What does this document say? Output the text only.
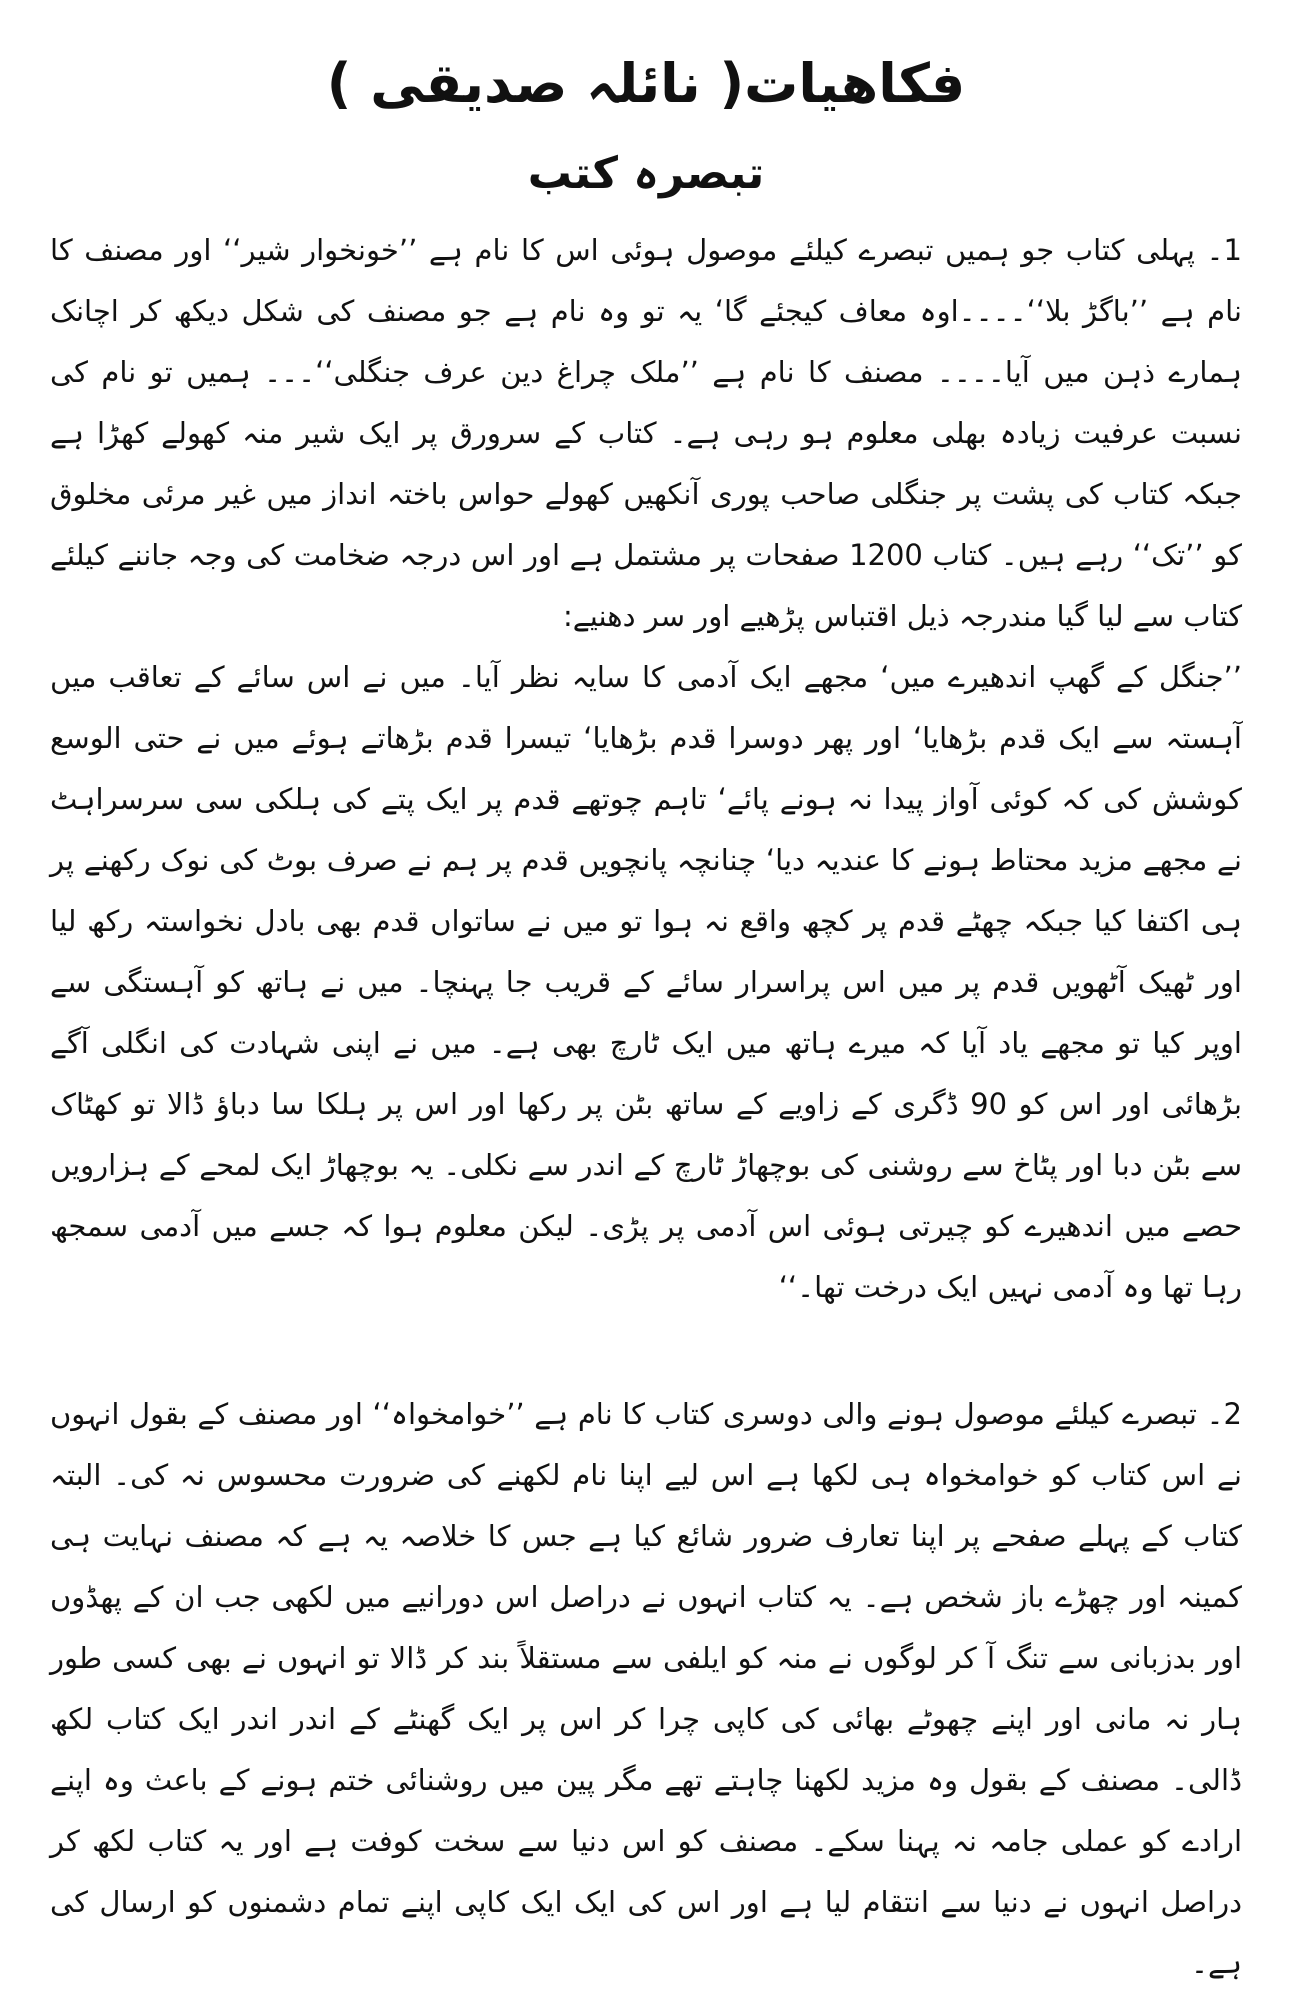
فکاھیات( نائلہ صدیقی )
تبصرہ کتب

1۔ پہلی کتاب جو ہمیں تبصرے کیلئے موصول ہوئی اس کا نام ہے ’’خونخوار شیر‘‘ اور مصنف کا نام ہے ’’باگڑ بلا‘‘۔۔۔۔اوہ معاف کیجئے گا‘ یہ تو وہ نام ہے جو مصنف کی شکل دیکھ کر اچانک ہمارے ذہن میں آیا۔۔۔۔ مصنف کا نام ہے ’’ملک چراغ دین عرف جنگلی‘‘۔۔۔ ہمیں تو نام کی نسبت عرفیت زیادہ بھلی معلوم ہو رہی ہے۔ کتاب کے سرورق پر ایک شیر منہ کھولے کھڑا ہے جبکہ کتاب کی پشت پر جنگلی صاحب پوری آنکھیں کھولے حواس باختہ انداز میں غیر مرئی مخلوق کو ’’تک‘‘ رہے ہیں۔ کتاب 1200 صفحات پر مشتمل ہے اور اس درجہ ضخامت کی وجہ جاننے کیلئے کتاب سے لیا گیا مندرجہ ذیل اقتباس پڑھیے اور سر دھنیے:

’’جنگل کے گھپ اندھیرے میں‘ مجھے ایک آدمی کا سایہ نظر آیا۔ میں نے اس سائے کے تعاقب میں آہستہ سے ایک قدم بڑھایا‘ اور پھر دوسرا قدم بڑھایا‘ تیسرا قدم بڑھاتے ہوئے میں نے حتی الوسع کوشش کی کہ کوئی آواز پیدا نہ ہونے پائے‘ تاہم چوتھے قدم پر ایک پتے کی ہلکی سی سرسراہٹ نے مجھے مزید محتاط ہونے کا عندیہ دیا‘ چنانچہ پانچویں قدم پر ہم نے صرف بوٹ کی نوک رکھنے پر ہی اکتفا کیا جبکہ چھٹے قدم پر کچھ واقع نہ ہوا تو میں نے ساتواں قدم بھی بادل نخواستہ رکھ لیا اور ٹھیک آٹھویں قدم پر میں اس پراسرار سائے کے قریب جا پہنچا۔ میں نے ہاتھ کو آہستگی سے اوپر کیا تو مجھے یاد آیا کہ میرے ہاتھ میں ایک ٹارچ بھی ہے۔ میں نے اپنی شہادت کی انگلی آگے بڑھائی اور اس کو 90 ڈگری کے زاویے کے ساتھ بٹن پر رکھا اور اس پر ہلکا سا دباؤ ڈالا تو کھٹاک سے بٹن دبا اور پٹاخ سے روشنی کی بوچھاڑ ٹارچ کے اندر سے نکلی۔ یہ بوچھاڑ ایک لمحے کے ہزارویں حصے میں اندھیرے کو چیرتی ہوئی اس آدمی پر پڑی۔ لیکن معلوم ہوا کہ جسے میں آدمی سمجھ رہا تھا وہ آدمی نہیں ایک درخت تھا۔‘‘

2۔ تبصرے کیلئے موصول ہونے والی دوسری کتاب کا نام ہے ’’خوامخواہ‘‘ اور مصنف کے بقول انہوں نے اس کتاب کو خوامخواہ ہی لکھا ہے اس لیے اپنا نام لکھنے کی ضرورت محسوس نہ کی۔ البتہ کتاب کے پہلے صفحے پر اپنا تعارف ضرور شائع کیا ہے جس کا خلاصہ یہ ہے کہ مصنف نہایت ہی کمینہ اور چھڑے باز شخص ہے۔ یہ کتاب انہوں نے دراصل اس دورانیے میں لکھی جب ان کے پھڈوں اور بدزبانی سے تنگ آ کر لوگوں نے منہ کو ایلفی سے مستقلاً بند کر ڈالا تو انہوں نے بھی کسی طور ہار نہ مانی اور اپنے چھوٹے بھائی کی کاپی چرا کر اس پر ایک گھنٹے کے اندر اندر ایک کتاب لکھ ڈالی۔ مصنف کے بقول وہ مزید لکھنا چاہتے تھے مگر پین میں روشنائی ختم ہونے کے باعث وہ اپنے ارادے کو عملی جامہ نہ پہنا سکے۔ مصنف کو اس دنیا سے سخت کوفت ہے اور یہ کتاب لکھ کر دراصل انہوں نے دنیا سے انتقام لیا ہے اور اس کی ایک ایک کاپی اپنے تمام دشمنوں کو ارسال کی ہے۔
